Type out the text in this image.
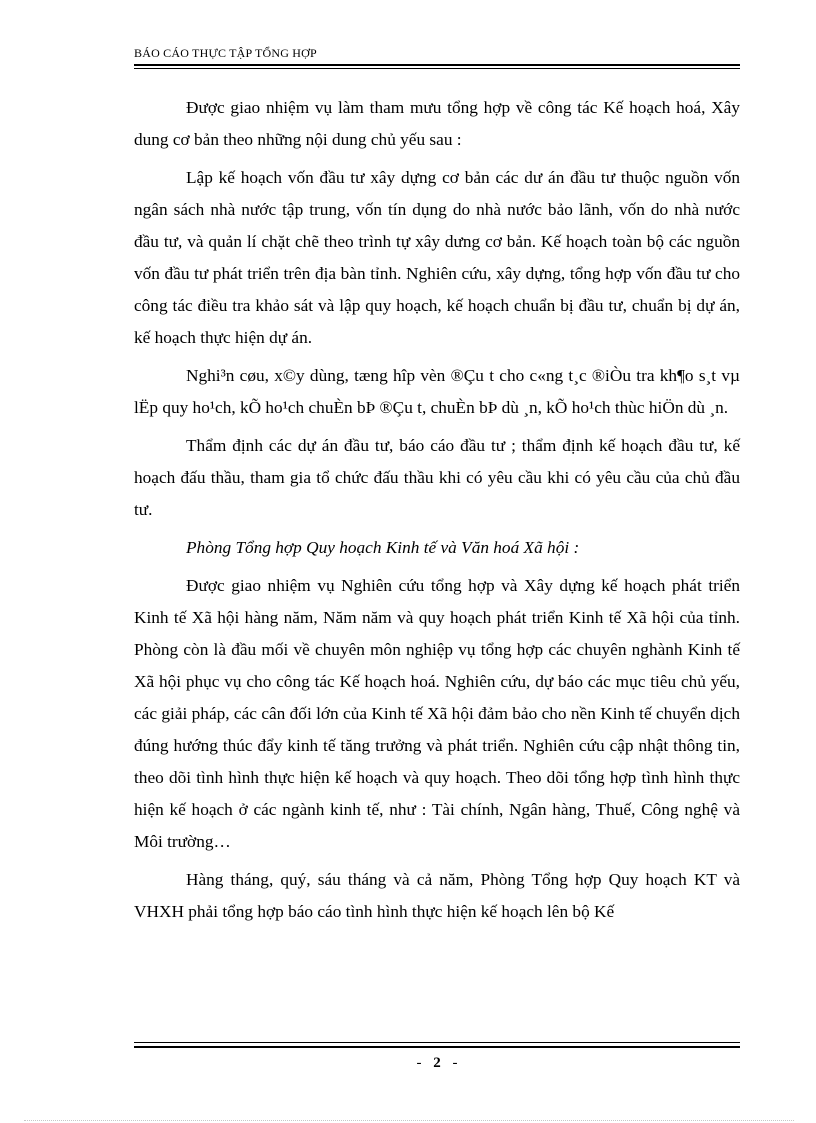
BÁO CÁO THỰC TẬP TỔNG HỢP

Được giao nhiệm vụ làm tham mưu tổng hợp về công tác Kế hoạch hoá, Xây dung cơ bản theo những nội dung chủ yếu sau :

Lập kế hoạch vốn đầu tư xây dựng cơ bản các dư án đầu tư thuộc nguồn vốn ngân sách nhà nước tập trung, vốn tín dụng do nhà nước bảo lãnh, vốn do nhà nước đầu tư, và quản lí chặt chẽ theo trình tự xây dưng cơ bản. Kế hoạch toàn bộ các nguồn vốn đầu tư phát triển trên địa bàn tỉnh. Nghiên cứu, xây dựng, tổng hợp vốn đầu tư cho công tác điều tra khảo sát và lập quy hoạch, kế hoạch chuẩn bị đầu tư, chuẩn bị dự án, kế hoạch thực hiện dự án.

Nghi³n cøu, x©y dùng, tæng hîp vèn ®Çu t cho c«ng t¸c ®iÒu tra kh¶o s¸t vµ lËp quy ho¹ch, kÕ ho¹ch chuÈn bÞ ®Çu t, chuÈn bÞ dù ¸n, kÕ ho¹ch thùc hiÖn dù ¸n.

Thẩm định các dự án đầu tư, báo cáo đầu tư ; thẩm định kế hoạch đầu tư, kế hoạch đấu thầu, tham gia tổ chức đấu thầu khi có yêu cầu khi có yêu cầu của chủ đầu tư.

Phòng Tổng hợp Quy hoạch Kinh tế và Văn hoá Xã hội :

Được giao nhiệm vụ Nghiên cứu tổng hợp và Xây dựng kế hoạch phát triển Kinh tế Xã hội hàng năm, Năm năm và quy hoạch phát triển Kinh tế Xã hội của tỉnh. Phòng còn là đầu mối về chuyên môn nghiệp vụ tổng hợp các chuyên nghành Kinh tế Xã hội phục vụ cho công tác Kế hoạch hoá. Nghiên cứu, dự báo các mục tiêu chủ yếu, các giải pháp, các cân đối lớn của Kinh tế Xã hội đảm bảo cho nền Kinh tế chuyển dịch đúng hướng thúc đẩy kinh tế tăng trưởng và phát triển. Nghiên cứu cập nhật thông tin, theo dõi tình hình thực hiện kế hoạch và quy hoạch. Theo dõi tổng hợp tình hình thực hiện kế hoạch ở các ngành kinh tế, như : Tài chính, Ngân hàng, Thuế, Công nghệ và Môi trường…

Hàng tháng, quý, sáu tháng và cả năm, Phòng Tổng hợp Quy hoạch KT và VHXH phải tổng hợp báo cáo tình hình thực hiện kế hoạch lên bộ Kế

- 2 -
